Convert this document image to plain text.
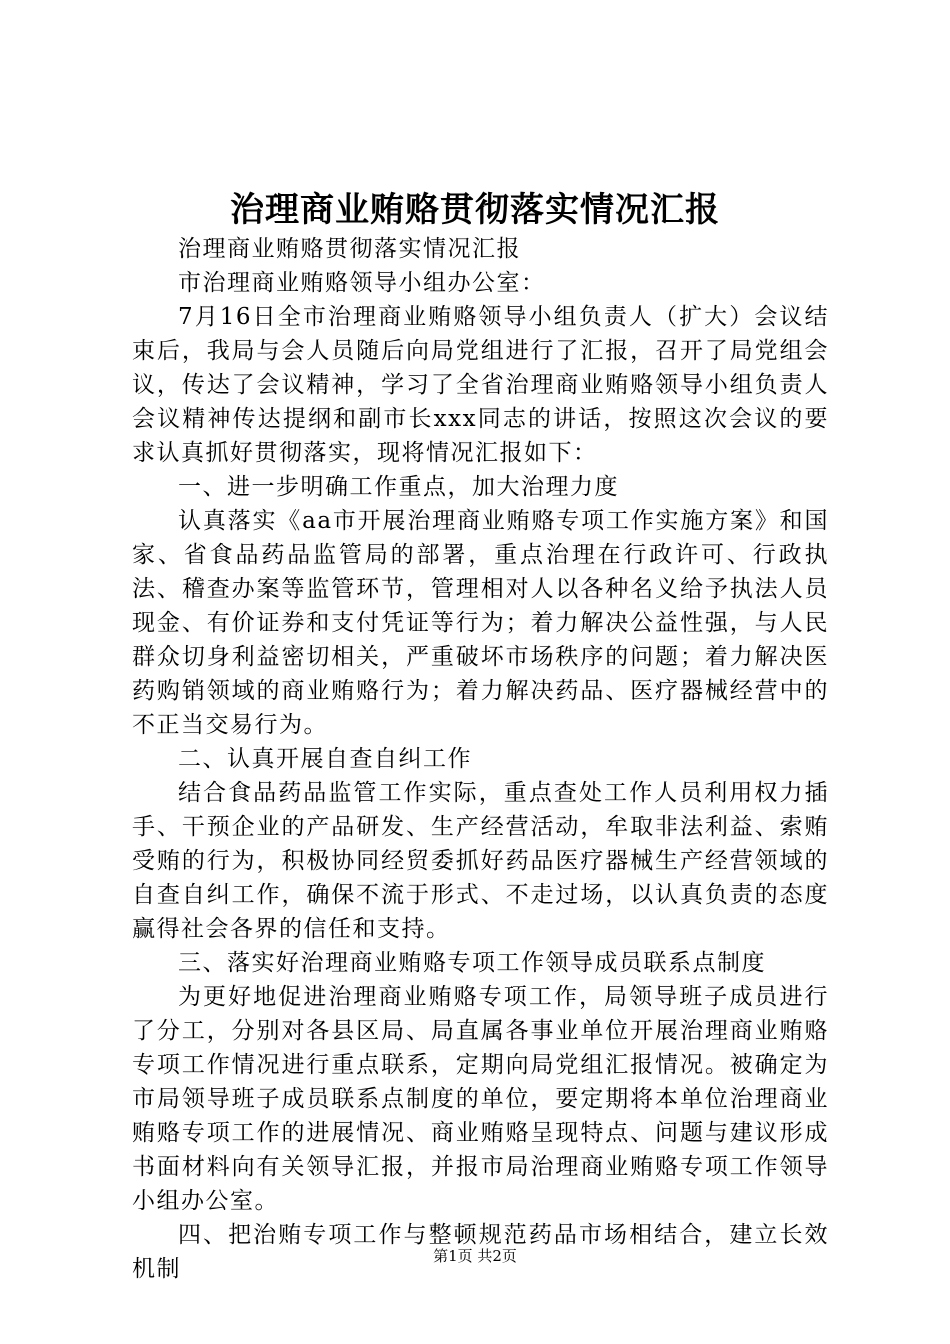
治理商业贿赂贯彻落实情况汇报

治理商业贿赂贯彻落实情况汇报

市治理商业贿赂领导小组办公室：

7月16日全市治理商业贿赂领导小组负责人（扩大）会议结束后，我局与会人员随后向局党组进行了汇报，召开了局党组会议，传达了会议精神，学习了全省治理商业贿赂领导小组负责人会议精神传达提纲和副市长xxx同志的讲话，按照这次会议的要求认真抓好贯彻落实，现将情况汇报如下：

一、进一步明确工作重点，加大治理力度

认真落实《aa市开展治理商业贿赂专项工作实施方案》和国家、省食品药品监管局的部署，重点治理在行政许可、行政执法、稽查办案等监管环节，管理相对人以各种名义给予执法人员现金、有价证券和支付凭证等行为；着力解决公益性强，与人民群众切身利益密切相关，严重破坏市场秩序的问题；着力解决医药购销领域的商业贿赂行为；着力解决药品、医疗器械经营中的不正当交易行为。

二、认真开展自查自纠工作

结合食品药品监管工作实际，重点查处工作人员利用权力插手、干预企业的产品研发、生产经营活动，牟取非法利益、索贿受贿的行为，积极协同经贸委抓好药品医疗器械生产经营领域的自查自纠工作，确保不流于形式、不走过场，以认真负责的态度赢得社会各界的信任和支持。

三、落实好治理商业贿赂专项工作领导成员联系点制度

为更好地促进治理商业贿赂专项工作，局领导班子成员进行了分工，分别对各县区局、局直属各事业单位开展治理商业贿赂专项工作情况进行重点联系，定期向局党组汇报情况。被确定为市局领导班子成员联系点制度的单位，要定期将本单位治理商业贿赂专项工作的进展情况、商业贿赂呈现特点、问题与建议形成书面材料向有关领导汇报，并报市局治理商业贿赂专项工作领导小组办公室。

四、把治贿专项工作与整顿规范药品市场相结合，建立长效机制	第1页 共2页
